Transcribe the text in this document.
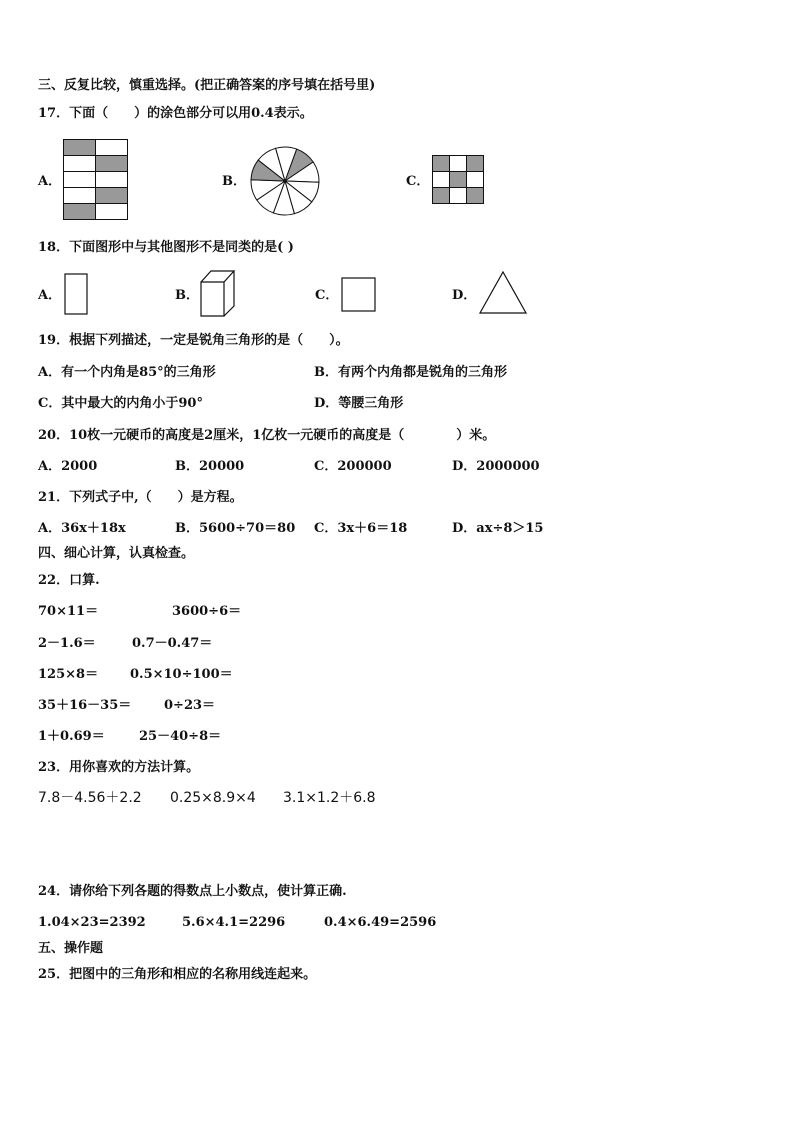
三、反复比较，慎重选择。(把正确答案的序号填在括号里)
17．下面（　　）的涂色部分可以用0.4表示。
A．	B．	C．
18．下面图形中与其他图形不是同类的是( )
A．	B．	C．	D．
19．根据下列描述，一定是锐角三角形的是（　　）。
A．有一个内角是85°的三角形	B．有两个内角都是锐角的三角形
C．其中最大的内角小于90°	D．等腰三角形
20．10枚一元硬币的高度是2厘米，1亿枚一元硬币的高度是（　　　　）米。
A．2000	B．20000	C．200000	D．2000000
21．下列式子中,（　　）是方程。
A．36x＋18x	B．5600÷70＝80 C．3x＋6＝18	D．ax÷8＞15
四、细心计算，认真检查。
22．口算.
70×11＝	3600÷6＝
2－1.6＝	0.7－0.47＝
125×8＝ 0.5×10÷100＝
35＋16－35＝	0÷23＝
1＋0.69＝	25－40÷8＝
23．用你喜欢的方法计算。
7.8－4.56＋2.2 0.25×8.9×4 3.1×1.2＋6.8
24．请你给下列各题的得数点上小数点，使计算正确.
1.04×23=2392	5.6×4.1=2296	0.4×6.49=2596
五、操作题
25．把图中的三角形和相应的名称用线连起来。
